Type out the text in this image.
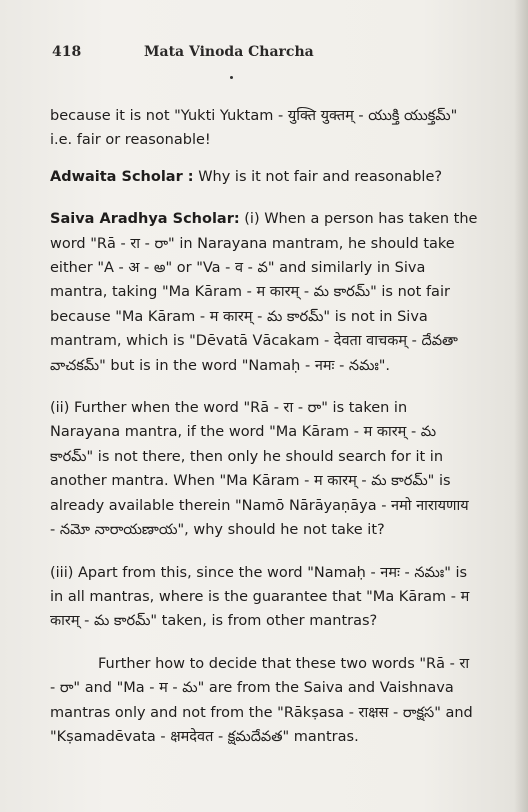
418	Mata Vinoda Charcha

because it is not "Yukti Yuktam - युक्ति युक्तम् - యుక్తి యుక్తమ్" i.e. fair or reasonable!

Adwaita Scholar : Why is it not fair and reasonable?

Saiva Aradhya Scholar: (i) When a person has taken the word "Rā - रा - రా" in Narayana mantram, he should take either "A - अ - అ" or "Va - व - వ" and similarly in Siva mantra, taking "Ma Kāram - म कारम् - మ కారమ్" is not fair because "Ma Kāram - म कारम् - మ కారమ్" is not in Siva mantram, which is "Dēvatā Vācakam - देवता वाचकम् - దేవతా వాచకమ్" but is in the word "Namaḥ - नमः - నమః".

(ii) Further when the word "Rā - रा - రా" is taken in Narayana mantra, if the word "Ma Kāram - म कारम् - మ కారమ్" is not there, then only he should search for it in another mantra. When "Ma Kāram - म कारम् - మ కారమ్" is already available therein "Namō Nārāyaṇāya - नमो नारायणाय - నమో నారాయణాయ", why should he not take it?

(iii) Apart from this, since the word "Namaḥ - नमः - నమః" is in all mantras, where is the guarantee that "Ma Kāram - म कारम् - మ కారమ్" taken, is from other mantras?

Further how to decide that these two words "Rā - रा - రా" and "Ma - म - మ" are from the Saiva and Vaishnava mantras only and not from the "Rākṣasa - राक्षस - రాక్షస" and "Kṣamadēvata - क्षमदेवत - క్షమదేవత" mantras.
